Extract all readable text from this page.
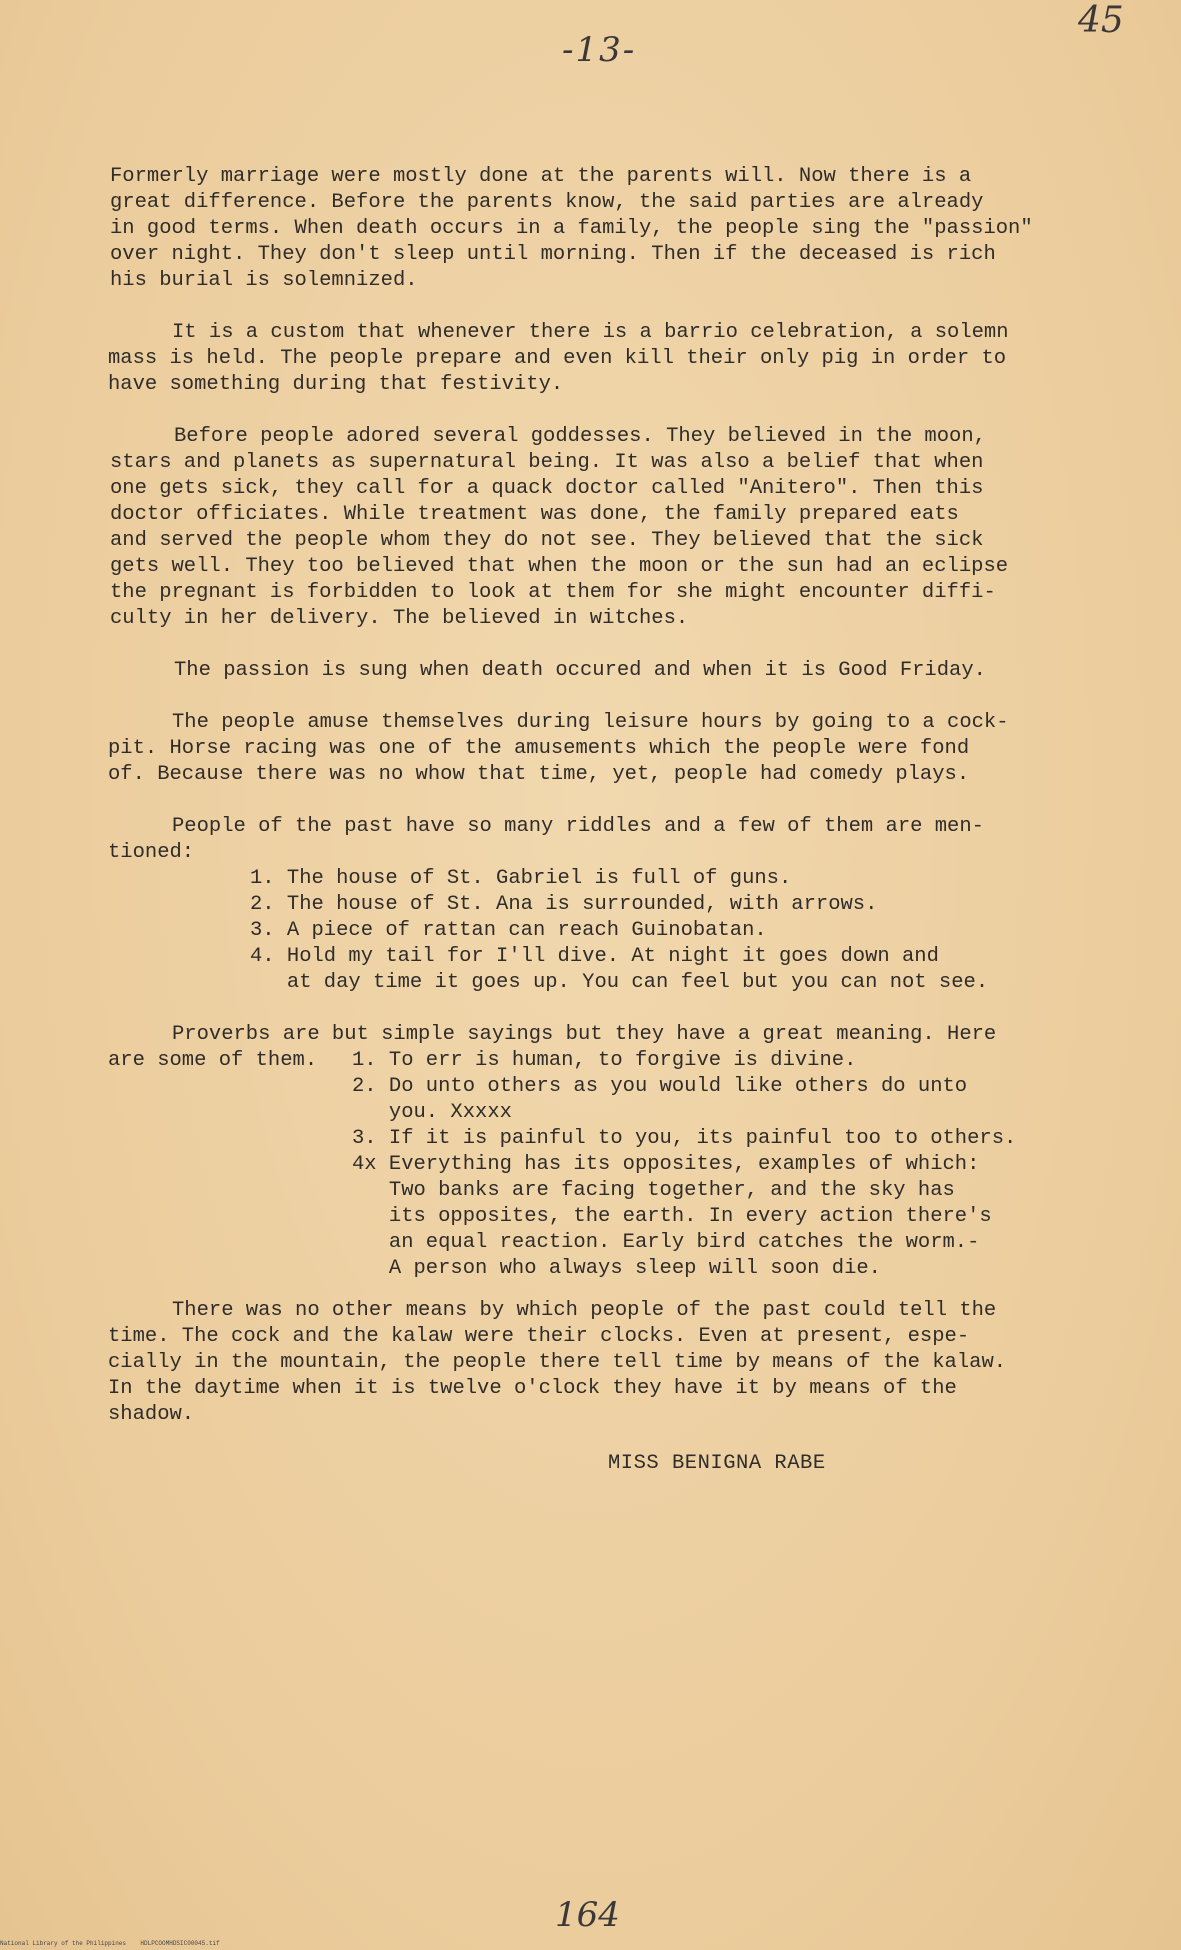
45
-13-
Formerly marriage were mostly done at the parents will. Now there is a
great difference. Before the parents know, the said parties are already
in good terms. When death occurs in a family, the people sing the "passion"
over night. They don't sleep until morning. Then if the deceased is rich
his burial is solemnized.
It is a custom that whenever there is a barrio celebration, a solemn
mass is held. The people prepare and even kill their only pig in order to
have something during that festivity.
Before people adored several goddesses. They believed in the moon,
stars and planets as supernatural being. It was also a belief that when
one gets sick, they call for a quack doctor called "Anitero". Then this
doctor officiates. While treatment was done, the family prepared eats
and served the people whom they do not see. They believed that the sick
gets well. They too believed that when the moon or the sun had an eclipse
the pregnant is forbidden to look at them for she might encounter diffi-
culty in her delivery. The believed in witches.
The passion is sung when death occured and when it is Good Friday.
The people amuse themselves during leisure hours by going to a cock-
pit. Horse racing was one of the amusements which the people were fond
of. Because there was no whow that time, yet, people had comedy plays.
People of the past have so many riddles and a few of them are men-
tioned:
1. The house of St. Gabriel is full of guns.
2. The house of St. Ana is surrounded, with arrows.
3. A piece of rattan can reach Guinobatan.
4. Hold my tail for I'll dive. At night it goes down and
at day time it goes up. You can feel but you can not see.
Proverbs are but simple sayings but they have a great meaning. Here
are some of them.	1. To err is human, to forgive is divine.
2. Do unto others as you would like others do unto
you. Xxxxx
3. If it is painful to you, its painful too to others.
4x Everything has its opposites, examples of which:
Two banks are facing together, and the sky has
its opposites, the earth. In every action there's
an equal reaction. Early bird catches the worm.-
A person who always sleep will soon die.
There was no other means by which people of the past could tell the
time. The cock and the kalaw were their clocks. Even at present, espe-
cially in the mountain, the people there tell time by means of the kalaw.
In the daytime when it is twelve o'clock they have it by means of the
shadow.
MISS BENIGNA RABE
164
National Library of the Philippines    HDLPCOOMHDSIC00045.tif
